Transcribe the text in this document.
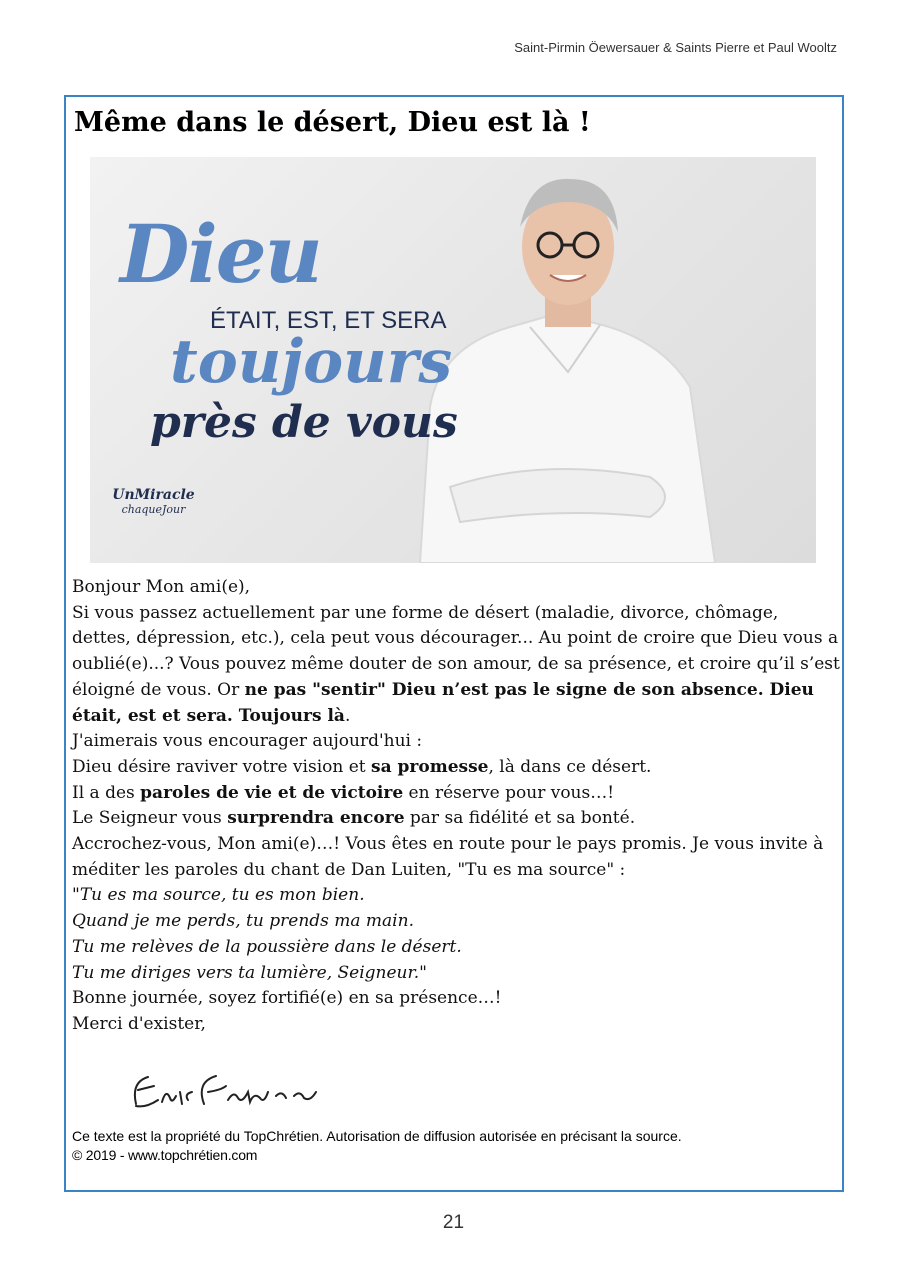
Saint-Pirmin Öewersauer & Saints Pierre et Paul Wooltz
Même dans le désert, Dieu est là !
Dieu
ÉTAIT, EST, ET SERA
toujours
près de vous
UnMiracle
chaqueJour

Bonjour Mon ami(e),

Si vous passez actuellement par une forme de désert (maladie, divorce, chômage, dettes, dépression, etc.), cela peut vous décourager... Au point de croire que Dieu vous a oublié(e)...? Vous pouvez même douter de son amour, de sa présence, et croire qu’il s’est éloigné de vous. Or ne pas "sentir" Dieu n’est pas le signe de son absence. Dieu était, est et sera. Toujours là.

J'aimerais vous encourager aujourd'hui :

Dieu désire raviver votre vision et sa promesse, là dans ce désert.

Il a des paroles de vie et de victoire en réserve pour vous…!

Le Seigneur vous surprendra encore par sa fidélité et sa bonté.

Accrochez-vous, Mon ami(e)…! Vous êtes en route pour le pays promis. Je vous invite à méditer les paroles du chant de Dan Luiten, "Tu es ma source" :

"Tu es ma source, tu es mon bien.

Quand je me perds, tu prends ma main.

Tu me relèves de la poussière dans le désert.

Tu me diriges vers ta lumière, Seigneur."

Bonne journée, soyez fortifié(e) en sa présence…!

Merci d'exister,

Ce texte est la propriété du TopChrétien. Autorisation de diffusion autorisée en précisant la source.
© 2019 - www.topchrétien.com
21
